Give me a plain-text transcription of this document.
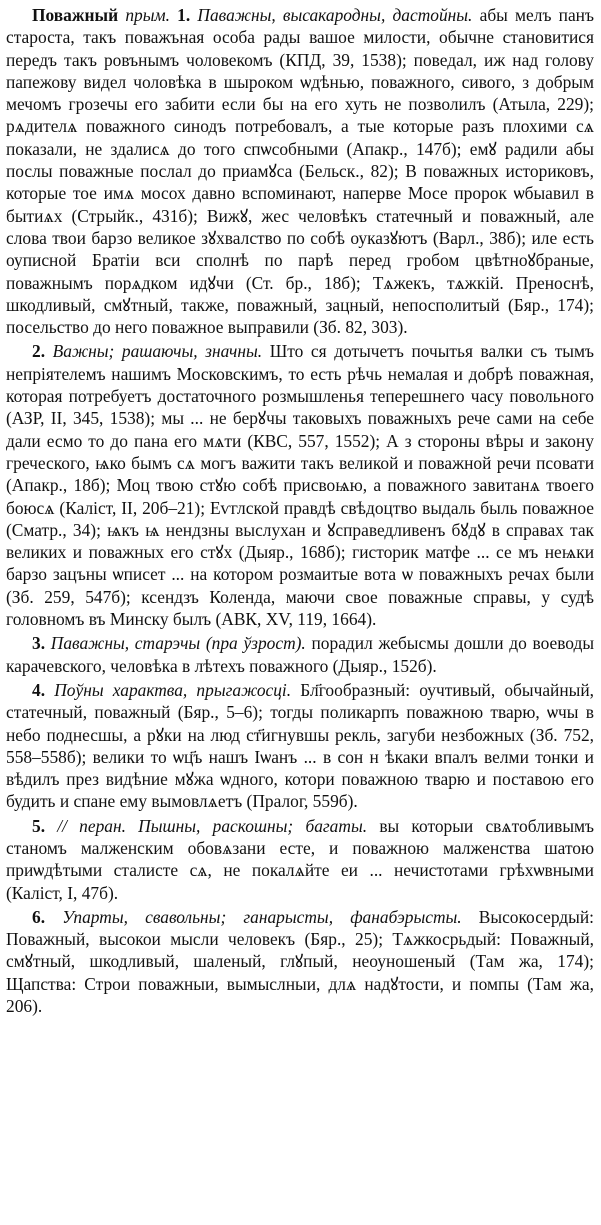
Поважный прым. 1. Паважны, высакародны, дастойны. абы мелъ панъ староста, такъ поважъная особа рады вашое милости, обычне становитися передъ такъ ровънымъ чоловекомъ (КПД, 39, 1538); поведал, иж над голову папежову видел чоловѣка в шыроком ѡдѣнью, поважного, сивого, з добрым мечомъ грозечы его забити если бы на его хуть не позволилъ (Атыла, 229); рѧдителѧ поважного синодъ потребовалъ, а тые которые разъ плохими сѧ показали, не здалисѧ до того спѡсобными (Апакр., 147б); емꙋ радили абы послы поважные послал до приамꙋса (Бельск., 82); В поважных историковъ, которые тое имѧ мосох давно вспоминают, наперве Мосе пророк ѡбыавил в бытиѧх (Стрыйк., 431б); Вижꙋ, жес человѣкъ статечный и поважный, але слова твои барзо великое зꙋхвалство по собѣ оуказꙋютъ (Варл., 38б); иле есть оуписной Братiи вси сполнѣ по парѣ перед гробом цвѣтноꙋбраные, поважнымъ порѧдком идꙋчи (Ст. бр., 18б); Тѧжекъ, тѧжкiй. Преноснѣ, шкодливый, смꙋтный, также, поважный, зацный, непосполитый (Бяр., 174); посельство до него поважное выправили (Зб. 82, 303).

2. Важны; рашаючы, значны. Што ся дотычетъ почытья валки съ тымъ непрiятелемъ нашимъ Московскимъ, то есть рѣчь немалая и добрѣ поважная, которая потребуетъ достаточного розмышленья теперешнего часу повольного (АЗР, II, 345, 1538); мы ... не берꙋчы таковыхъ поважныхъ рече сами на себе дали есмо то до пана его мѧти (КВС, 557, 1552); А з стороны вѣры и закону греческого, ѩко бымъ сѧ могъ важити такъ великой и поважной речи псовати (Апакр., 18б); Моц твою стꙋю собѣ присвоѩю, а поважного завитанѧ твоего боюсѧ (Каліст, II, 20б–21); Еѵглской правдѣ свѣдоцтво выдаль быль поважное (Сматр., 34); ѩкъ ѩ нендзны выслухан и ꙋсправедливенъ бꙋдꙋ в справах так великих и поважных его стꙋх (Дыяр., 168б); гисторик матфе ... се мъ неѩки барзо зацъны ѡписет ... на котором розмаитые вота ѡ поважныхъ речах были (Зб. 259, 547б); ксендзъ Коленда, маючи свое поважные справы, у судѣ головномъ въ Минску былъ (АВК, XV, 119, 1664).

3. Паважны, старэчы (пра ўзрост). порадил жебысмы дошли до воеводы карачевского, человѣка в лѣтехъ поважного (Дыяр., 152б).

4. Поўны характва, прыгажосці. Бл҃гообразный: оучтивый, обычайный, статечный, поважный (Бяр., 5–6); тогды поликарпъ поважною тварю, ѡчы в небо поднесшы, а рꙋки на люд ст҃игнувшы рекль, загуби незбожных (Зб. 752, 558–558б); велики то ѡц҃ъ нашъ Iѡанъ ... в сон н ѣкаки впалъ велми тонки и вѣдилъ през видѣние мꙋжа ѡдного, котори поважною тварю и поставою его будить и спане ему вымовлѧетъ (Пралог, 559б).

5. // перан. Пышны, раскошны; багаты. вы которыи свѧтобливымъ станомъ малженским обовѧзани есте, и поважною малженства шатою приѡдѣтыми сталисте сѧ, не покалѧйте еи ... нечистотами грѣхѡвными (Каліст, I, 47б).

6. Упарты, свавольны; ганарысты, фанабэрысты. Высокосердый: Поважный, высокои мысли человекъ (Бяр., 25); Тѧжкосрьдый: Поважный, смꙋтный, шкодливый, шаленый, глꙋпый, неоуношеный (Там жа, 174); Щапства: Строи поважныи, вымыслныи, длѧ надꙋтости, и помпы (Там жа, 206).
